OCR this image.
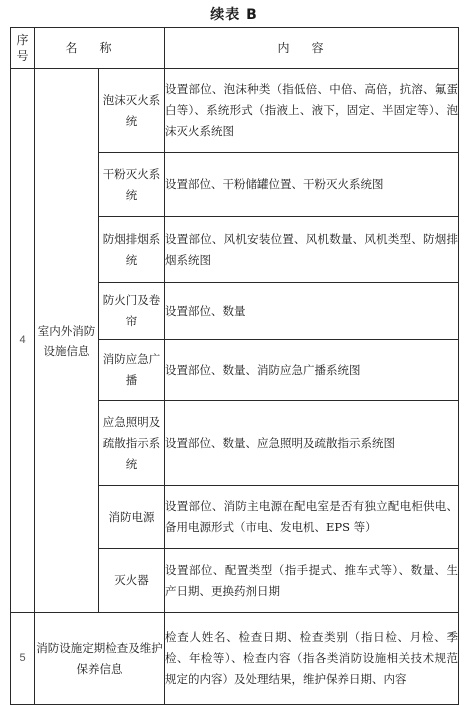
续表 B
序号	名称		内容
4	室内外消防设施信息	泡沫灭火系统	设置部位、泡沫种类（指低倍、中倍、高倍，抗溶、氟蛋白等）、系统形式（指液上、液下，固定、半固定等）、泡沫灭火系统图
		干粉灭火系统	设置部位、干粉储罐位置、干粉灭火系统图
		防烟排烟系统	设置部位、风机安装位置、风机数量、风机类型、防烟排烟系统图
		防火门及卷帘	设置部位、数量
		消防应急广播	设置部位、数量、消防应急广播系统图
		应急照明及疏散指示系统	设置部位、数量、应急照明及疏散指示系统图
		消防电源	设置部位、消防主电源在配电室是否有独立配电柜供电、备用电源形式（市电、发电机、EPS 等）
		灭火器	设置部位、配置类型（指手提式、推车式等）、数量、生产日期、更换药剂日期
5	消防设施定期检查及维护保养信息		检查人姓名、检查日期、检查类别（指日检、月检、季检、年检等）、检查内容（指各类消防设施相关技术规范规定的内容）及处理结果，维护保养日期、内容
